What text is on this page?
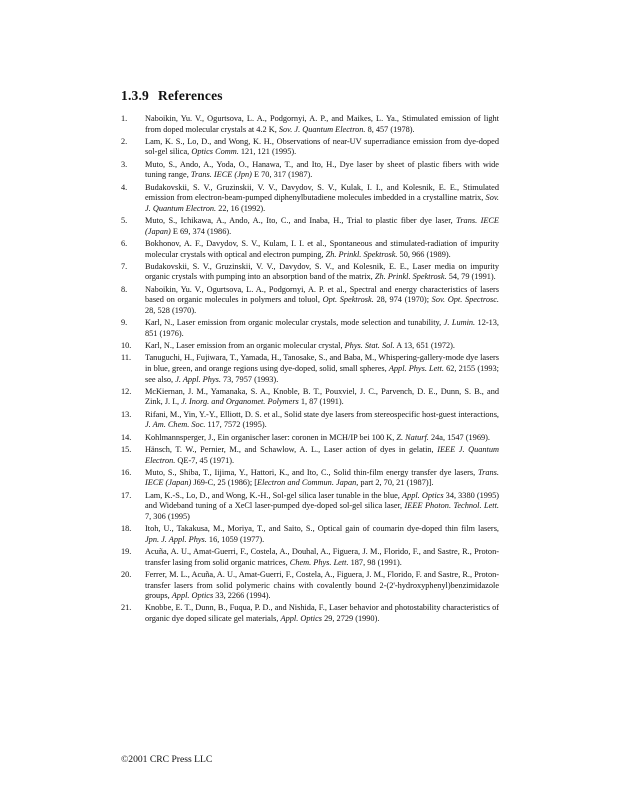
1.3.9 References
1. Naboikin, Yu. V., Ogurtsova, L. A., Podgornyi, A. P., and Maikes, L. Ya., Stimulated emission of light from doped molecular crystals at 4.2 K, Sov. J. Quantum Electron. 8, 457 (1978).
2. Lam, K. S., Lo, D., and Wong, K. H., Observations of near-UV superradiance emission from dye-doped sol-gel silica, Optics Comm. 121, 121 (1995).
3. Muto, S., Ando, A., Yoda, O., Hanawa, T., and Ito, H., Dye laser by sheet of plastic fibers with wide tuning range, Trans. IECE (Jpn) E 70, 317 (1987).
4. Budakovskii, S. V., Gruzinskii, V. V., Davydov, S. V., Kulak, I. I., and Kolesnik, E. E., Stimulated emission from electron-beam-pumped diphenylbutadiene molecules imbedded in a crystalline matrix, Sov. J. Quantum Electron. 22, 16 (1992).
5. Muto, S., Ichikawa, A., Ando, A., Ito, C., and Inaba, H., Trial to plastic fiber dye laser, Trans. IECE (Japan) E 69, 374 (1986).
6. Bokhonov, A. F., Davydov, S. V., Kulam, I. I. et al., Spontaneous and stimulated-radiation of impurity molecular crystals with optical and electron pumping, Zh. Prinkl. Spektrosk. 50, 966 (1989).
7. Budakovskii, S. V., Gruzinskii, V. V., Davydov, S. V., and Kolesnik, E. E., Laser media on impurity organic crystals with pumping into an absorption band of the matrix, Zh. Prinkl. Spektrosk. 54, 79 (1991).
8. Naboikin, Yu. V., Ogurtsova, L. A., Podgornyi, A. P. et al., Spectral and energy characteristics of lasers based on organic molecules in polymers and toluol, Opt. Spektrosk. 28, 974 (1970); Sov. Opt. Spectrosc. 28, 528 (1970).
9. Karl, N., Laser emission from organic molecular crystals, mode selection and tunability, J. Lumin. 12-13, 851 (1976).
10. Karl, N., Laser emission from an organic molecular crystal, Phys. Stat. Sol. A 13, 651 (1972).
11. Tanuguchi, H., Fujiwara, T., Yamada, H., Tanosake, S., and Baba, M., Whispering-gallery-mode dye lasers in blue, green, and orange regions using dye-doped, solid, small spheres, Appl. Phys. Lett. 62, 2155 (1993; see also, J. Appl. Phys. 73, 7957 (1993).
12. McKiernan, J. M., Yamanaka, S. A., Knoble, B. T., Pouxviel, J. C., Parvench, D. E., Dunn, S. B., and Zink, J. I., J. Inorg. and Organomet. Polymers 1, 87 (1991).
13. Rifani, M., Yin, Y.-Y., Elliott, D. S. et al., Solid state dye lasers from stereospecific host-guest interactions, J. Am. Chem. Soc. 117, 7572 (1995).
14. Kohlmannsperger, J., Ein organischer laser: coronen in MCH/IP bei 100 K, Z. Naturf. 24a, 1547 (1969).
15. Hänsch, T. W., Pernier, M., and Schawlow, A. L., Laser action of dyes in gelatin, IEEE J. Quantum Electron. QE-7, 45 (1971).
16. Muto, S., Shiba, T., Iijima, Y., Hattori, K., and Ito, C., Solid thin-film energy transfer dye lasers, Trans. IECE (Japan) J69-C, 25 (1986); [Electron and Commun. Japan, part 2, 70, 21 (1987)].
17. Lam, K.-S., Lo, D., and Wong, K.-H., Sol-gel silica laser tunable in the blue, Appl. Optics 34, 3380 (1995) and Wideband tuning of a XeCl laser-pumped dye-doped sol-gel silica laser, IEEE Photon. Technol. Lett. 7, 306 (1995)
18. Itoh, U., Takakusa, M., Moriya, T., and Saito, S., Optical gain of coumarin dye-doped thin film lasers, Jpn. J. Appl. Phys. 16, 1059 (1977).
19. Acuña, A. U., Amat-Guerri, F., Costela, A., Douhal, A., Figuera, J. M., Florido, F., and Sastre, R., Proton-transfer lasing from solid organic matrices, Chem. Phys. Lett. 187, 98 (1991).
20. Ferrer, M. L., Acuña, A. U., Amat-Guerri, F., Costela, A., Figuera, J. M., Florido, F. and Sastre, R., Proton-transfer lasers from solid polymeric chains with covalently bound 2-(2'-hydroxyphenyl)benzimidazole groups, Appl. Optics 33, 2266 (1994).
21. Knobbe, E. T., Dunn, B., Fuqua, P. D., and Nishida, F., Laser behavior and photostability characteristics of organic dye doped silicate gel materials, Appl. Optics 29, 2729 (1990).
©2001 CRC Press LLC
